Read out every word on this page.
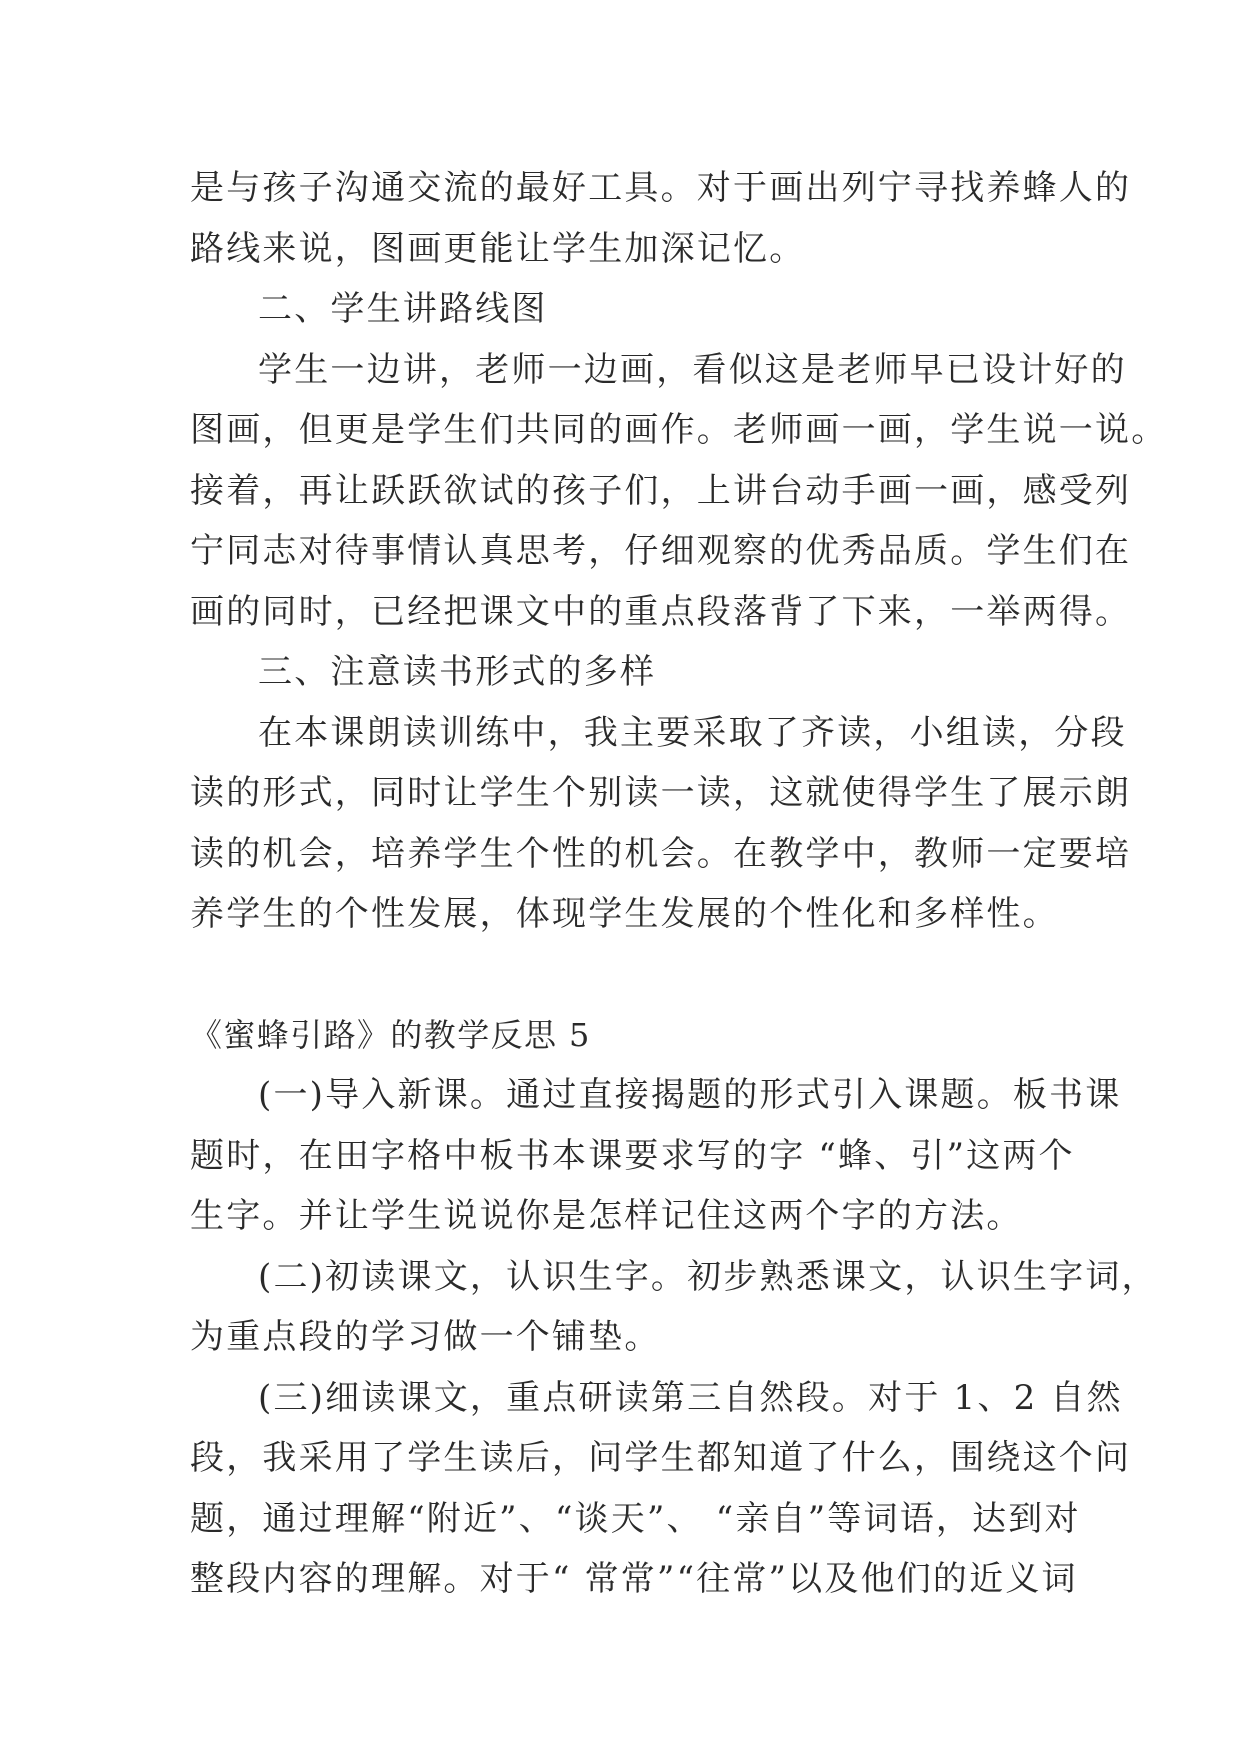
是与孩子沟通交流的最好工具。对于画出列宁寻找养蜂人的
路线来说，图画更能让学生加深记忆。
二、学生讲路线图
学生一边讲，老师一边画，看似这是老师早已设计好的
图画，但更是学生们共同的画作。老师画一画，学生说一说。
接着，再让跃跃欲试的孩子们，上讲台动手画一画，感受列
宁同志对待事情认真思考，仔细观察的优秀品质。学生们在
画的同时，已经把课文中的重点段落背了下来，一举两得。
三、注意读书形式的多样
在本课朗读训练中，我主要采取了齐读，小组读，分段
读的形式，同时让学生个别读一读，这就使得学生了展示朗
读的机会，培养学生个性的机会。在教学中，教师一定要培
养学生的个性发展，体现学生发展的个性化和多样性。
《蜜蜂引路》的教学反思 5
(一)导入新课。通过直接揭题的形式引入课题。板书课
题时，在田字格中板书本课要求写的字 “蜂、引”这两个
生字。并让学生说说你是怎样记住这两个字的方法。
(二)初读课文，认识生字。初步熟悉课文，认识生字词，
为重点段的学习做一个铺垫。
(三)细读课文，重点研读第三自然段。对于 1、2 自然
段，我采用了学生读后，问学生都知道了什么，围绕这个问
题，通过理解“附近”、“谈天”、 “亲自”等词语，达到对
整段内容的理解。对于“ 常常”“往常”以及他们的近义词
